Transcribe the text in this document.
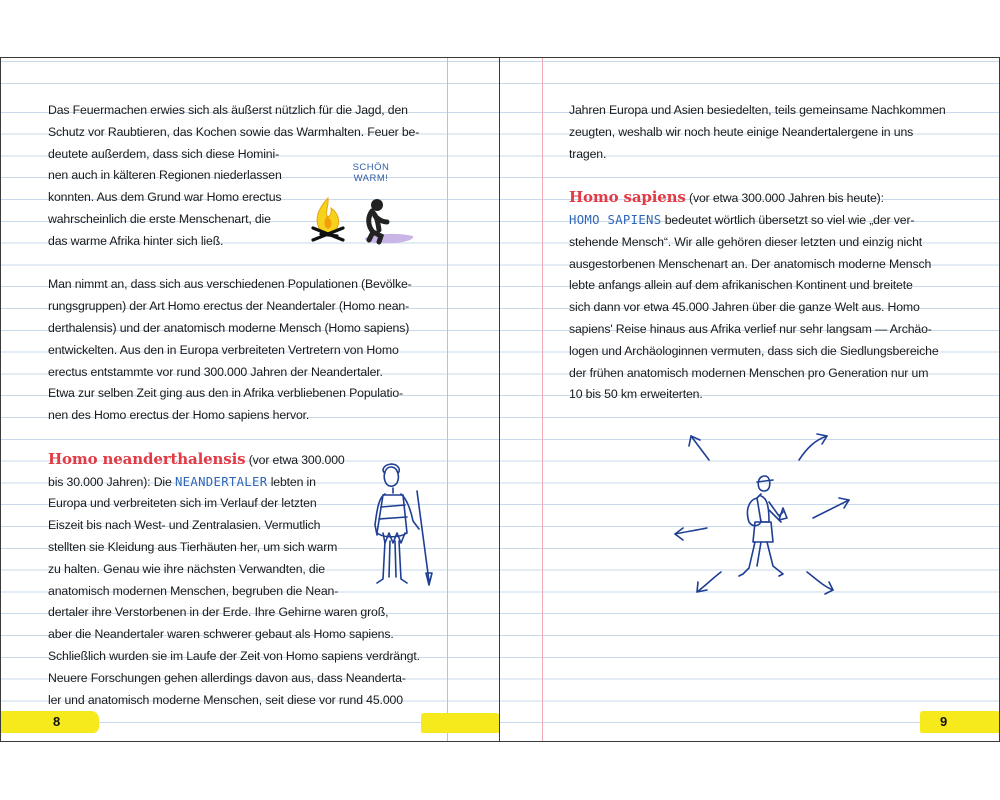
Das Feuermachen erwies sich als äußerst nützlich für die Jagd, den

Schutz vor Raubtieren, das Kochen sowie das Warmhalten. Feuer be-

deutete außerdem, dass sich diese Homini-

nen auch in kälteren Regionen niederlassen

konnten. Aus dem Grund war Homo erectus

wahrscheinlich die erste Menschenart, die

das warme Afrika hinter sich ließ.

Man nimmt an, dass sich aus verschiedenen Populationen (Bevölke-

rungsgruppen) der Art Homo erectus der Neandertaler (Homo nean-

derthalensis) und der anatomisch moderne Mensch (Homo sapiens)

entwickelten. Aus den in Europa verbreiteten Vertretern von Homo

erectus entstammte vor rund 300.000 Jahren der Neandertaler.

Etwa zur selben Zeit ging aus den in Afrika verbliebenen Populatio-

nen des Homo erectus der Homo sapiens hervor.

Homo neanderthalensis (vor etwa 300.000

bis 30.000 Jahren): Die NEANDERTALER lebten in

Europa und verbreiteten sich im Verlauf der letzten

Eiszeit bis nach West- und Zentralasien. Vermutlich

stellten sie Kleidung aus Tierhäuten her, um sich warm

zu halten. Genau wie ihre nächsten Verwandten, die

anatomisch modernen Menschen, begruben die Nean-

dertaler ihre Verstorbenen in der Erde. Ihre Gehirne waren groß,

aber die Neandertaler waren schwerer gebaut als Homo sapiens.

Schließlich wurden sie im Laufe der Zeit von Homo sapiens verdrängt.

Neuere Forschungen gehen allerdings davon aus, dass Neanderta-

ler und anatomisch moderne Menschen, seit diese vor rund 45.000

SCHÖN
WARM!
8

Jahren Europa und Asien besiedelten, teils gemeinsame Nachkommen

zeugten, weshalb wir noch heute einige Neandertalergene in uns

tragen.

Homo sapiens (vor etwa 300.000 Jahren bis heute):

HOMO SAPIENS bedeutet wörtlich übersetzt so viel wie „der ver-

stehende Mensch“. Wir alle gehören dieser letzten und einzig nicht

ausgestorbenen Menschenart an. Der anatomisch moderne Mensch

lebte anfangs allein auf dem afrikanischen Kontinent und breitete

sich dann vor etwa 45.000 Jahren über die ganze Welt aus. Homo

sapiens' Reise hinaus aus Afrika verlief nur sehr langsam — Archäo-

logen und Archäologinnen vermuten, dass sich die Siedlungsbereiche

der frühen anatomisch modernen Menschen pro Generation nur um

10 bis 50 km erweiterten.

9
